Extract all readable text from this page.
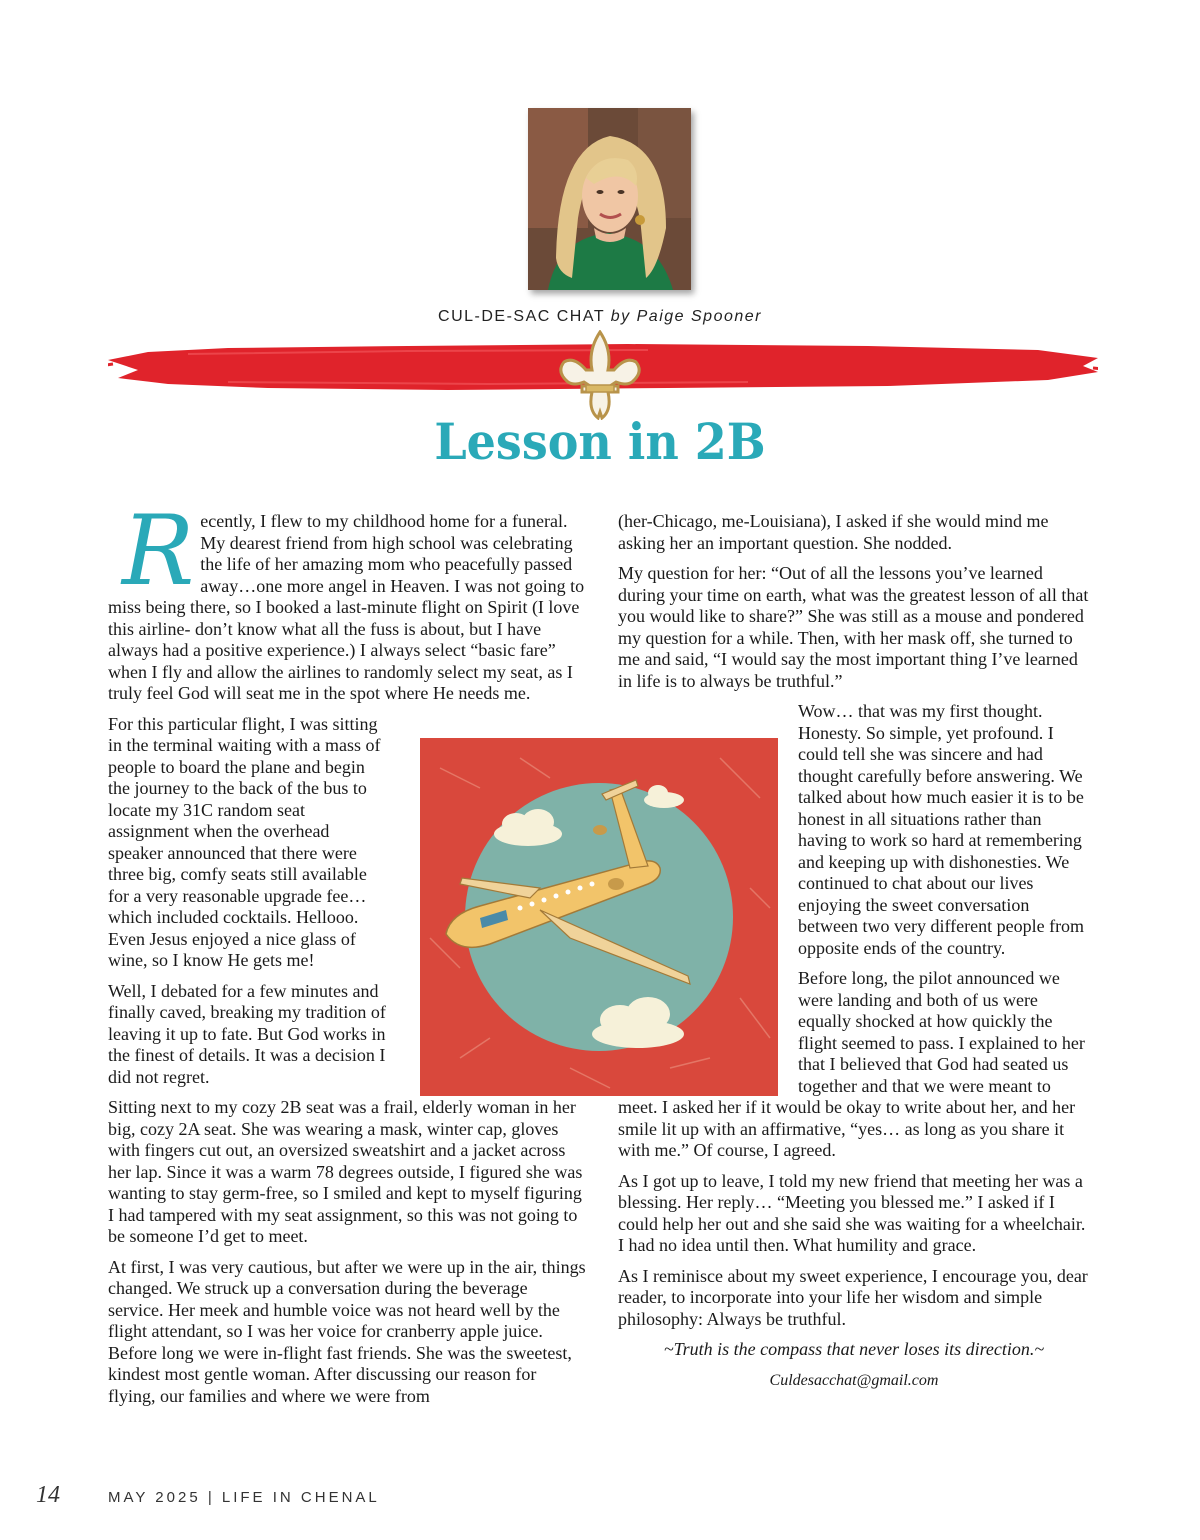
CUL-DE-SAC CHAT by Paige Spooner
Lesson in 2B

Recently, I flew to my childhood home for a funeral. My dearest friend from high school was celebrating the life of her amazing mom who peacefully passed away…one more angel in Heaven. I was not going to miss being there, so I booked a last-minute flight on Spirit (I love this airline- don’t know what all the fuss is about, but I have always had a positive experience.) I always select “basic fare” when I fly and allow the airlines to randomly select my seat, as I truly feel God will seat me in the spot where He needs me.

For this particular flight, I was sitting in the terminal waiting with a mass of people to board the plane and begin the journey to the back of the bus to locate my 31C random seat assignment when the overhead speaker announced that there were three big, comfy seats still available for a very reasonable upgrade fee… which included cocktails. Hellooo. Even Jesus enjoyed a nice glass of wine, so I know He gets me!

Well, I debated for a few minutes and finally caved, breaking my tradition of leaving it up to fate. But God works in the finest of details. It was a decision I did not regret.

Sitting next to my cozy 2B seat was a frail, elderly woman in her big, cozy 2A seat. She was wearing a mask, winter cap, gloves with fingers cut out, an oversized sweatshirt and a jacket across her lap. Since it was a warm 78 degrees outside, I figured she was wanting to stay germ-free, so I smiled and kept to myself figuring I had tampered with my seat assignment, so this was not going to be someone I’d get to meet.

At first, I was very cautious, but after we were up in the air, things changed. We struck up a conversation during the beverage service. Her meek and humble voice was not heard well by the flight attendant, so I was her voice for cranberry apple juice. Before long we were in-flight fast friends. She was the sweetest, kindest most gentle woman. After discussing our reason for flying, our families and where we were from

(her-Chicago, me-Louisiana), I asked if she would mind me asking her an important question. She nodded.

My question for her: “Out of all the lessons you’ve learned during your time on earth, what was the greatest lesson of all that you would like to share?” She was still as a mouse and pondered my question for a while. Then, with her mask off, she turned to me and said, “I would say the most important thing I’ve learned in life is to always be truthful.”

Wow… that was my first thought. Honesty. So simple, yet profound. I could tell she was sincere and had thought carefully before answering. We talked about how much easier it is to be honest in all situations rather than having to work so hard at remembering and keeping up with dishonesties. We continued to chat about our lives enjoying the sweet conversation between two very different people from opposite ends of the country.

Before long, the pilot announced we were landing and both of us were equally shocked at how quickly the flight seemed to pass. I explained to her that I believed that God had seated us together and that we were meant to meet. I asked her if it would be okay to write about her, and her smile lit up with an affirmative, “yes… as long as you share it with me.” Of course, I agreed.

As I got up to leave, I told my new friend that meeting her was a blessing. Her reply… “Meeting you blessed me.” I asked if I could help her out and she said she was waiting for a wheelchair. I had no idea until then. What humility and grace.

As I reminisce about my sweet experience, I encourage you, dear reader, to incorporate into your life her wisdom and simple philosophy: Always be truthful.

~Truth is the compass that never loses its direction.~

Culdesacchat@gmail.com

14	MAY 2025 | LIFE IN CHENAL
